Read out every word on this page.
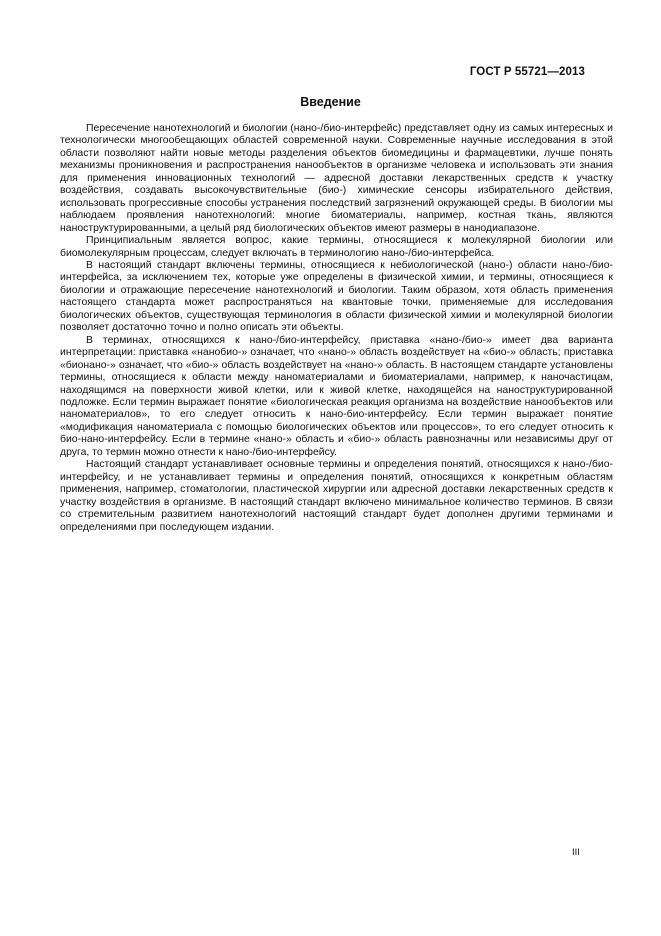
ГОСТ Р 55721—2013
Введение

Пересечение нанотехнологий и биологии (нано-/био-интерфейс) представляет одну из самых интересных и технологически многообещающих областей современной науки. Современные научные исследования в этой области позволяют найти новые методы разделения объектов биомедицины и фармацевтики, лучше понять механизмы проникновения и распространения нанообъектов в организме человека и использовать эти знания для применения инновационных технологий — адресной доставки лекарственных средств к участку воздействия, создавать высокочувствительные (био-) химические сенсоры избирательного действия, использовать прогрессивные способы устранения последствий загрязнений окружающей среды. В биологии мы наблюдаем проявления нанотехнологий: многие биоматериалы, например, костная ткань, являются наноструктурированными, а целый ряд биологических объектов имеют размеры в нанодиапазоне.

Принципиальным является вопрос, какие термины, относящиеся к молекулярной биологии или биомолекулярным процессам, следует включать в терминологию нано-/био-интерфейса.

В настоящий стандарт включены термины, относящиеся к небиологической (нано-) области нано-/био-интерфейса, за исключением тех, которые уже определены в физической химии, и термины, относящиеся к биологии и отражающие пересечение нанотехнологий и биологии. Таким образом, хотя область применения настоящего стандарта может распространяться на квантовые точки, применяемые для исследования биологических объектов, существующая терминология в области физической химии и молекулярной биологии позволяет достаточно точно и полно описать эти объекты.

В терминах, относящихся к нано-/био-интерфейсу, приставка «нано-/био-» имеет два варианта интерпретации: приставка «нанобио-» означает, что «нано-» область воздействует на «био-» область; приставка «бионано-» означает, что «био-» область воздействует на «нано-» область. В настоящем стандарте установлены термины, относящиеся к области между наноматериалами и биоматериалами, например, к наночастицам, находящимся на поверхности живой клетки, или к живой клетке, находящейся на наноструктурированной подложке. Если термин выражает понятие «биологическая реакция организма на воздействие нанообъектов или наноматериалов», то его следует относить к нано-био-интерфейсу. Если термин выражает понятие «модификация наноматериала с помощью биологических объектов или процессов», то его следует относить к био-нано-интерфейсу. Если в термине «нано-» область и «био-» область равнозначны или независимы друг от друга, то термин можно отнести к нано-/био-интерфейсу.

Настоящий стандарт устанавливает основные термины и определения понятий, относящихся к нано-/био-интерфейсу, и не устанавливает термины и определения понятий, относящихся к конкретным областям применения, например, стоматологии, пластической хирургии или адресной доставки лекарственных средств к участку воздействия в организме. В настоящий стандарт включено минимальное количество терминов. В связи со стремительным развитием нанотехнологий настоящий стандарт будет дополнен другими терминами и определениями при последующем издании.

III
